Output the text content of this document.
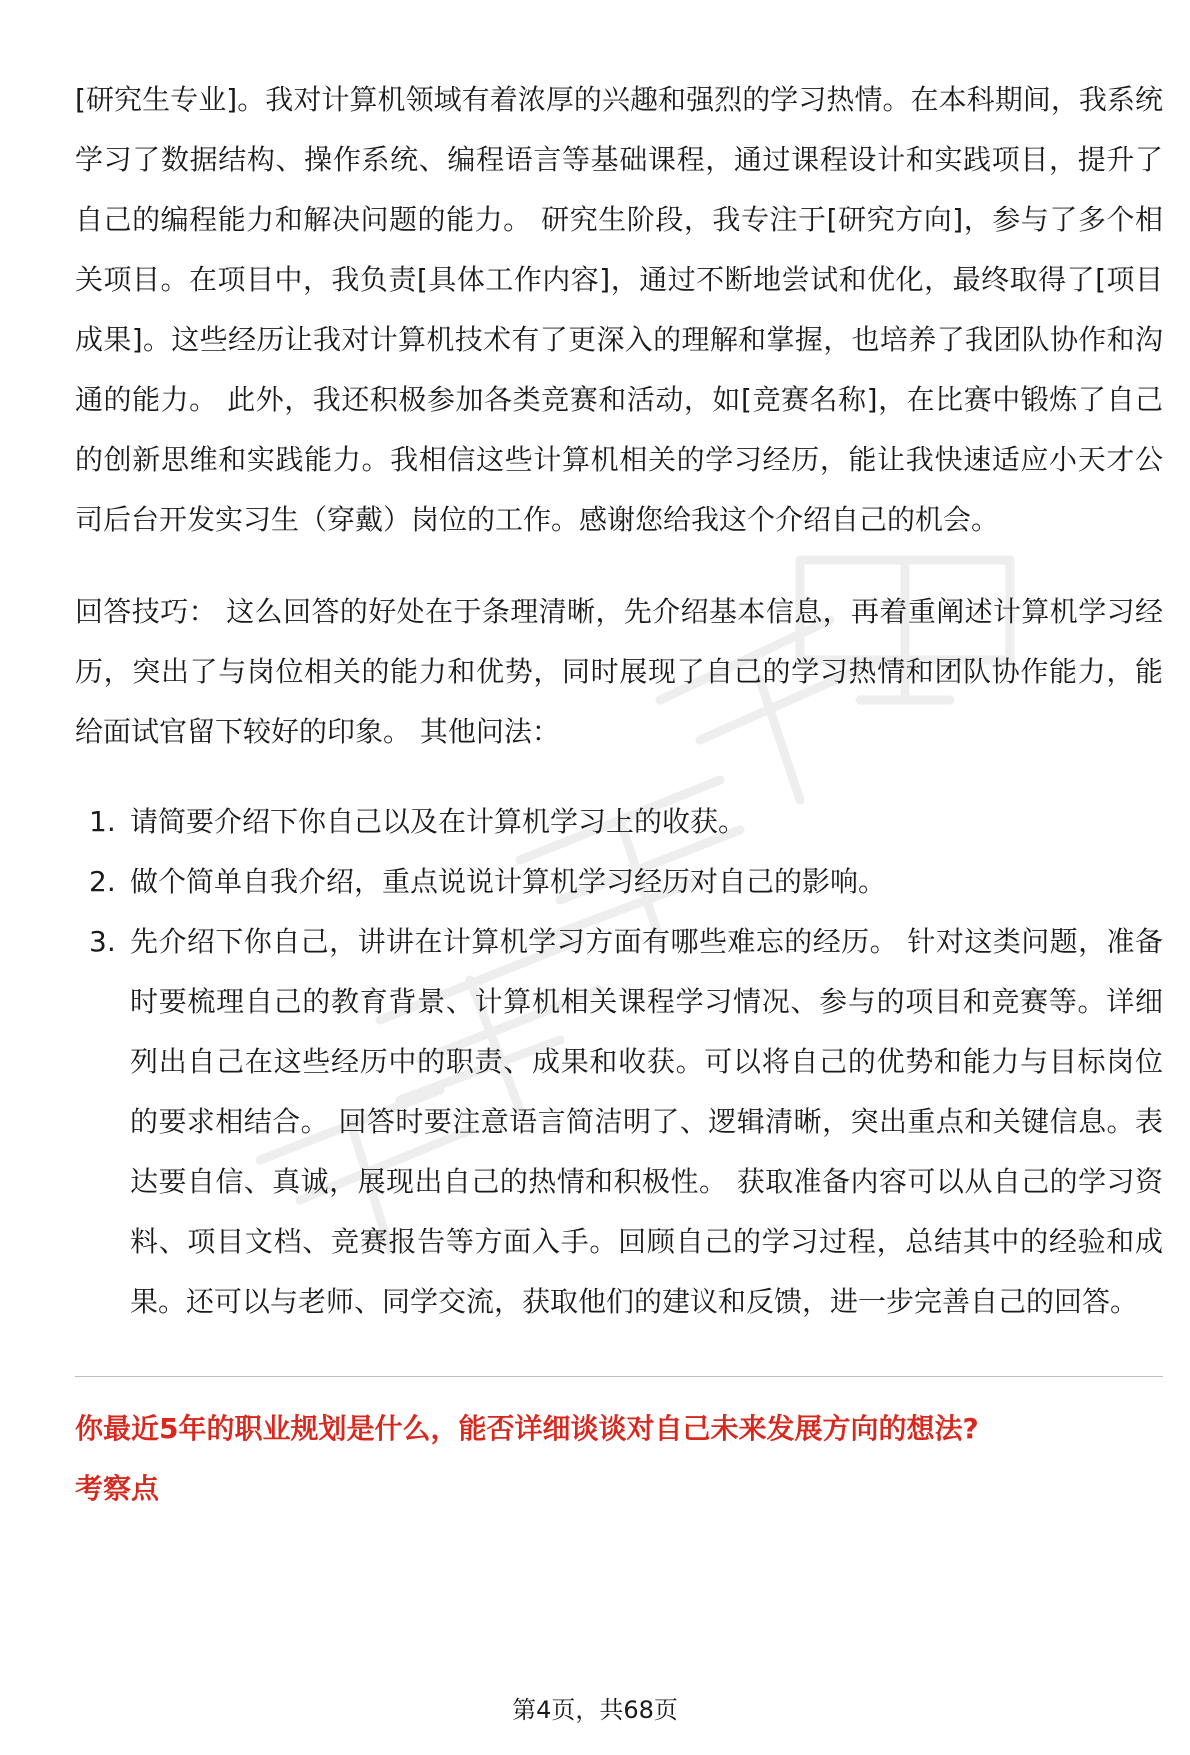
[研究生专业]。我对计算机领域有着浓厚的兴趣和强烈的学习热情。在本科期间，我系统学习了数据结构、操作系统、编程语言等基础课程，通过课程设计和实践项目，提升了自己的编程能力和解决问题的能力。 研究生阶段，我专注于[研究方向]，参与了多个相关项目。在项目中，我负责[具体工作内容]，通过不断地尝试和优化，最终取得了[项目成果]。这些经历让我对计算机技术有了更深入的理解和掌握，也培养了我团队协作和沟通的能力。 此外，我还积极参加各类竞赛和活动，如[竞赛名称]，在比赛中锻炼了自己的创新思维和实践能力。我相信这些计算机相关的学习经历，能让我快速适应小天才公司后台开发实习生（穿戴）岗位的工作。感谢您给我这个介绍自己的机会。

回答技巧： 这么回答的好处在于条理清晰，先介绍基本信息，再着重阐述计算机学习经历，突出了与岗位相关的能力和优势，同时展现了自己的学习热情和团队协作能力，能给面试官留下较好的印象。 其他问法：

1. 请简要介绍下你自己以及在计算机学习上的收获。
2. 做个简单自我介绍，重点说说计算机学习经历对自己的影响。
3. 先介绍下你自己，讲讲在计算机学习方面有哪些难忘的经历。 针对这类问题，准备时要梳理自己的教育背景、计算机相关课程学习情况、参与的项目和竞赛等。详细列出自己在这些经历中的职责、成果和收获。可以将自己的优势和能力与目标岗位的要求相结合。 回答时要注意语言简洁明了、逻辑清晰，突出重点和关键信息。表达要自信、真诚，展现出自己的热情和积极性。 获取准备内容可以从自己的学习资料、项目文档、竞赛报告等方面入手。回顾自己的学习过程，总结其中的经验和成果。还可以与老师、同学交流，获取他们的建议和反馈，进一步完善自己的回答。
你最近5年的职业规划是什么，能否详细谈谈对自己未来发展方向的想法?
考察点
第4页，共68页
